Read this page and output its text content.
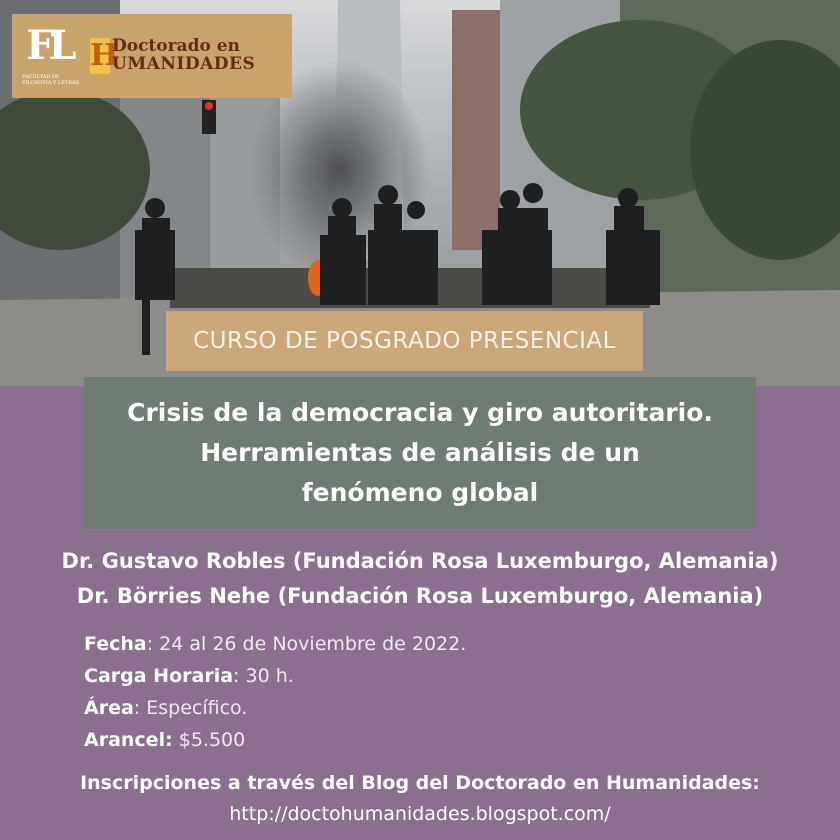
FL
FACULTAD DE FILOSOFÍA Y LETRAS
H
Doctorado en
UMANIDADES
CURSO DE POSGRADO PRESENCIAL
Crisis de la democracia y giro autoritario.
Herramientas de análisis de un
fenómeno global
Dr. Gustavo Robles (Fundación Rosa Luxemburgo, Alemania)
Dr. Börries Nehe (Fundación Rosa Luxemburgo, Alemania)
Fecha: 24 al 26 de Noviembre de 2022.
Carga Horaria: 30 h.
Área: Específico.
Arancel: $5.500
Inscripciones a través del Blog del Doctorado en Humanidades:
http://doctohumanidades.blogspot.com/
